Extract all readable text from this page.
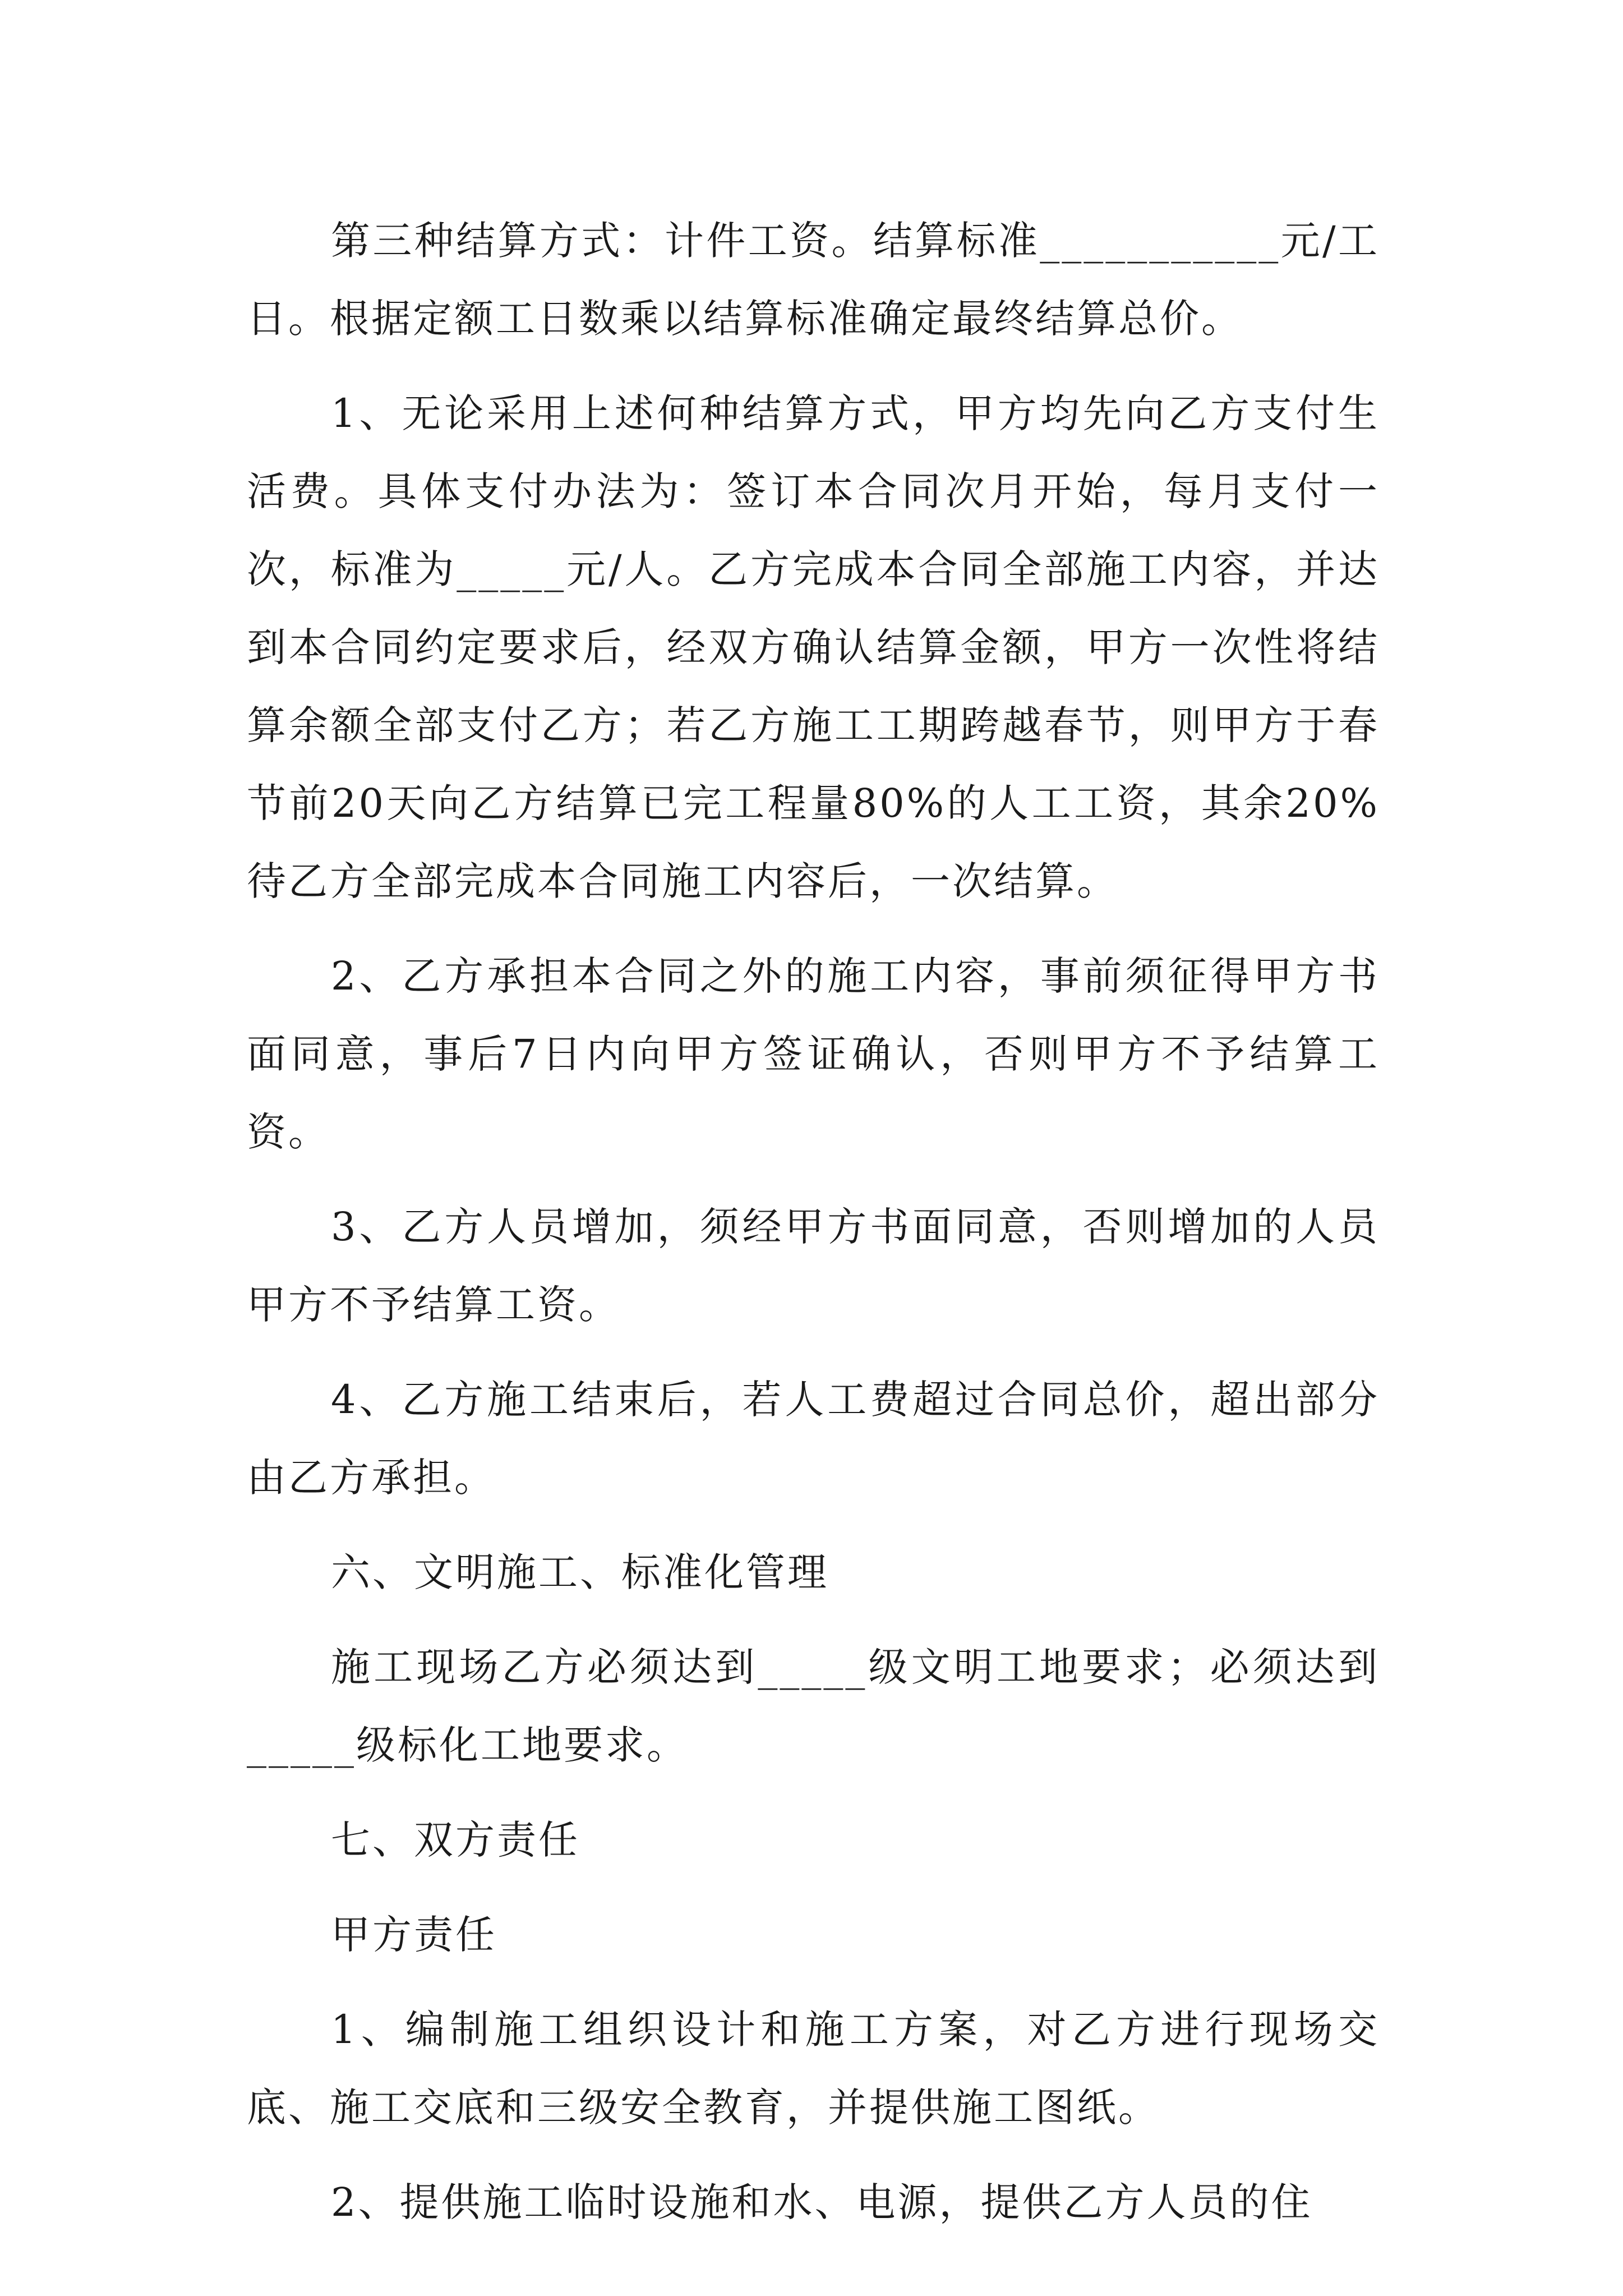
第三种结算方式：计件工资。结算标准___________元/工日。根据定额工日数乘以结算标准确定最终结算总价。

1、无论采用上述何种结算方式，甲方均先向乙方支付生活费。具体支付办法为：签订本合同次月开始，每月支付一次，标准为_____元/人。乙方完成本合同全部施工内容，并达到本合同约定要求后，经双方确认结算金额，甲方一次性将结算余额全部支付乙方；若乙方施工工期跨越春节，则甲方于春节前20天向乙方结算已完工程量80%的人工工资，其余20%待乙方全部完成本合同施工内容后，一次结算。

2、乙方承担本合同之外的施工内容，事前须征得甲方书面同意，事后7日内向甲方签证确认，否则甲方不予结算工资。

3、乙方人员增加，须经甲方书面同意，否则增加的人员甲方不予结算工资。

4、乙方施工结束后，若人工费超过合同总价，超出部分由乙方承担。

六、文明施工、标准化管理

施工现场乙方必须达到_____级文明工地要求；必须达到_____级标化工地要求。

七、双方责任

甲方责任

1、编制施工组织设计和施工方案，对乙方进行现场交底、施工交底和三级安全教育，并提供施工图纸。

2、提供施工临时设施和水、电源，提供乙方人员的住
